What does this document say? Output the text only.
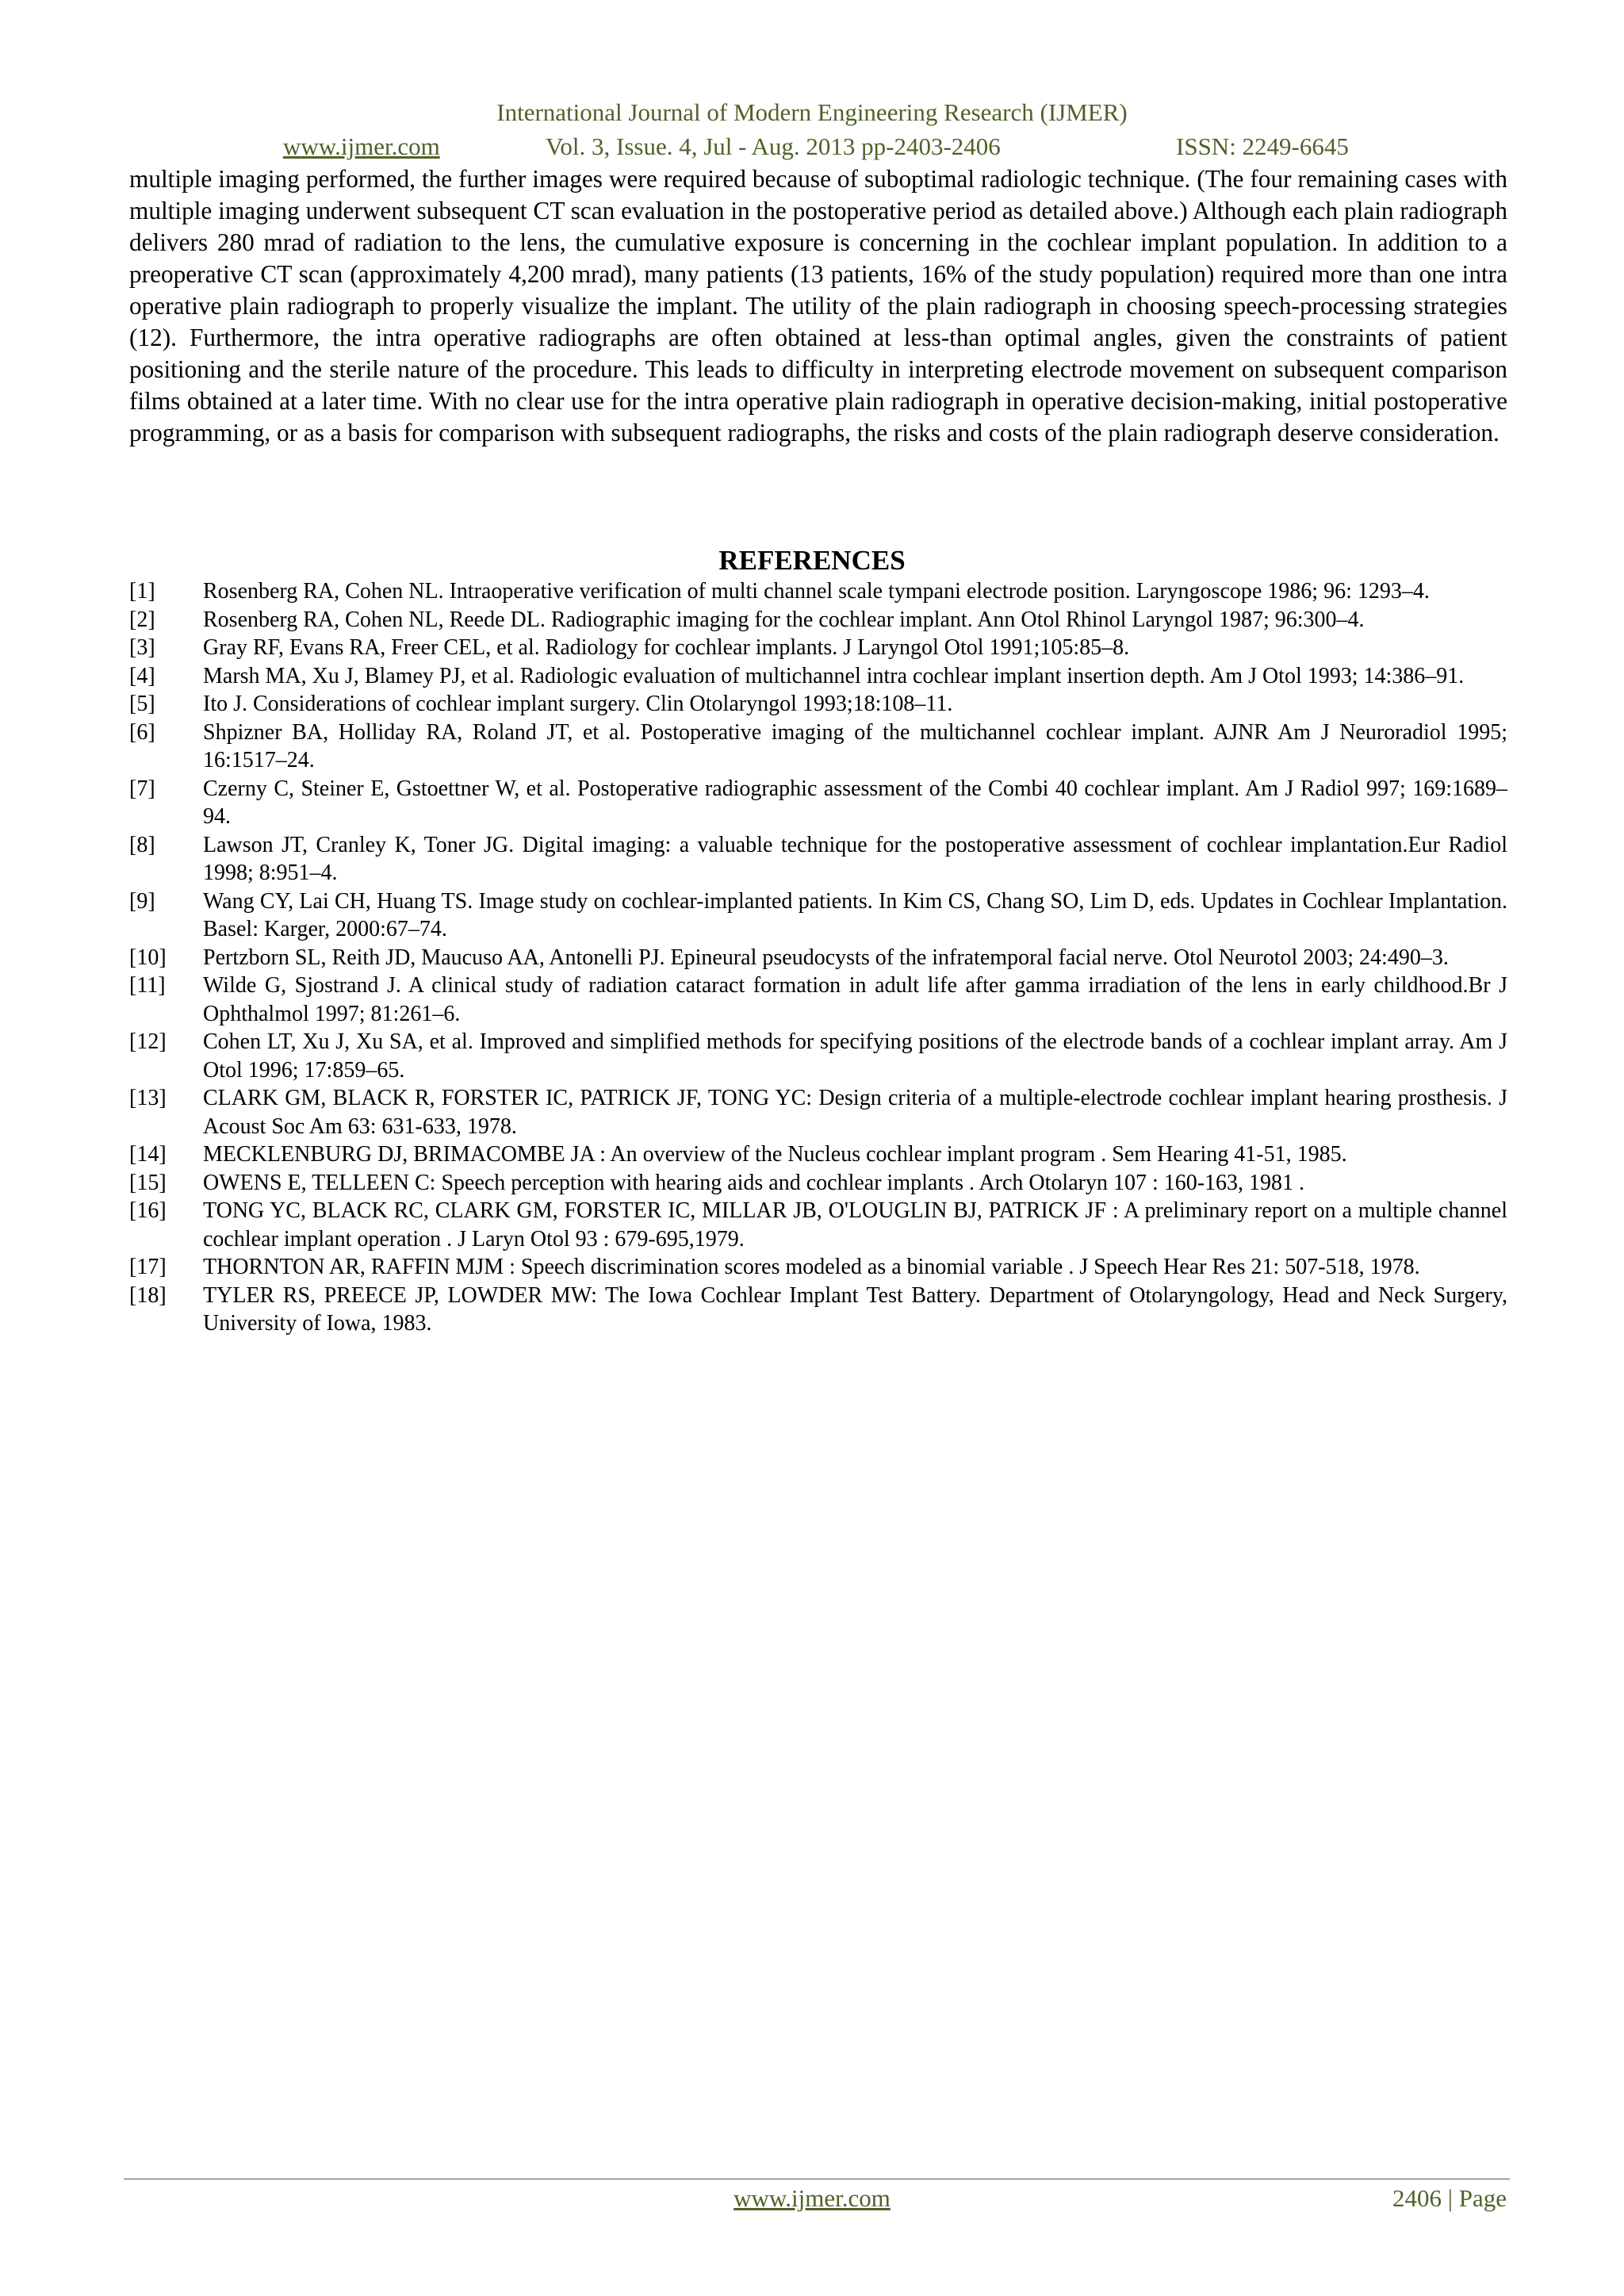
International Journal of Modern Engineering Research (IJMER)
www.ijmer.com	Vol. 3, Issue. 4, Jul - Aug. 2013 pp-2403-2406	ISSN: 2249-6645

multiple imaging performed, the further images were required because of suboptimal radiologic technique. (The four remaining cases with multiple imaging underwent subsequent CT scan evaluation in the postoperative period as detailed above.) Although each plain radiograph delivers 280 mrad of radiation to the lens, the cumulative exposure is concerning in the cochlear implant population. In addition to a preoperative CT scan (approximately 4,200 mrad), many patients (13 patients, 16% of the study population) required more than one intra operative plain radiograph to properly visualize the implant. The utility of the plain radiograph in choosing speech-processing strategies (12). Furthermore, the intra operative radiographs are often obtained at less-than optimal angles, given the constraints of patient positioning and the sterile nature of the procedure. This leads to difficulty in interpreting electrode movement on subsequent comparison films obtained at a later time. With no clear use for the intra operative plain radiograph in operative decision-making, initial postoperative programming, or as a basis for comparison with subsequent radiographs, the risks and costs of the plain radiograph deserve consideration.

REFERENCES
[1] Rosenberg RA, Cohen NL. Intraoperative verification of multi channel scale tympani electrode position. Laryngoscope 1986; 96: 1293–4.
[2] Rosenberg RA, Cohen NL, Reede DL. Radiographic imaging for the cochlear implant. Ann Otol Rhinol Laryngol 1987; 96:300–4.
[3] Gray RF, Evans RA, Freer CEL, et al. Radiology for cochlear implants. J Laryngol Otol 1991;105:85–8.
[4] Marsh MA, Xu J, Blamey PJ, et al. Radiologic evaluation of multichannel intra cochlear implant insertion depth. Am J Otol 1993; 14:386–91.
[5] Ito J. Considerations of cochlear implant surgery. Clin Otolaryngol 1993;18:108–11.
[6] Shpizner BA, Holliday RA, Roland JT, et al. Postoperative imaging of the multichannel cochlear implant. AJNR Am J Neuroradiol 1995; 16:1517–24.
[7] Czerny C, Steiner E, Gstoettner W, et al. Postoperative radiographic assessment of the Combi 40 cochlear implant. Am J Radiol 997; 169:1689–94.
[8] Lawson JT, Cranley K, Toner JG. Digital imaging: a valuable technique for the postoperative assessment of cochlear implantation.Eur Radiol 1998; 8:951–4.
[9] Wang CY, Lai CH, Huang TS. Image study on cochlear-implanted patients. In Kim CS, Chang SO, Lim D, eds. Updates in Cochlear Implantation. Basel: Karger, 2000:67–74.
[10] Pertzborn SL, Reith JD, Maucuso AA, Antonelli PJ. Epineural pseudocysts of the infratemporal facial nerve. Otol Neurotol 2003; 24:490–3.
[11] Wilde G, Sjostrand J. A clinical study of radiation cataract formation in adult life after gamma irradiation of the lens in early childhood.Br J Ophthalmol 1997; 81:261–6.
[12] Cohen LT, Xu J, Xu SA, et al. Improved and simplified methods for specifying positions of the electrode bands of a cochlear implant array. Am J Otol 1996; 17:859–65.
[13] CLARK GM, BLACK R, FORSTER IC, PATRICK JF, TONG YC: Design criteria of a multiple-electrode cochlear implant hearing prosthesis. J Acoust Soc Am 63: 631-633, 1978.
[14] MECKLENBURG DJ, BRIMACOMBE JA : An overview of the Nucleus cochlear implant program . Sem Hearing 41-51, 1985.
[15] OWENS E, TELLEEN C: Speech perception with hearing aids and cochlear implants . Arch Otolaryn 107 : 160-163, 1981 .
[16] TONG YC, BLACK RC, CLARK GM, FORSTER IC, MILLAR JB, O'LOUGLIN BJ, PATRICK JF : A preliminary report on a multiple channel cochlear implant operation . J Laryn Otol 93 : 679-695,1979.
[17] THORNTON AR, RAFFIN MJM : Speech discrimination scores modeled as a binomial variable . J Speech Hear Res 21: 507-518, 1978.
[18] TYLER RS, PREECE JP, LOWDER MW: The Iowa Cochlear Implant Test Battery. Department of Otolaryngology, Head and Neck Surgery, University of Iowa, 1983.
www.ijmer.com	2406 | Page
